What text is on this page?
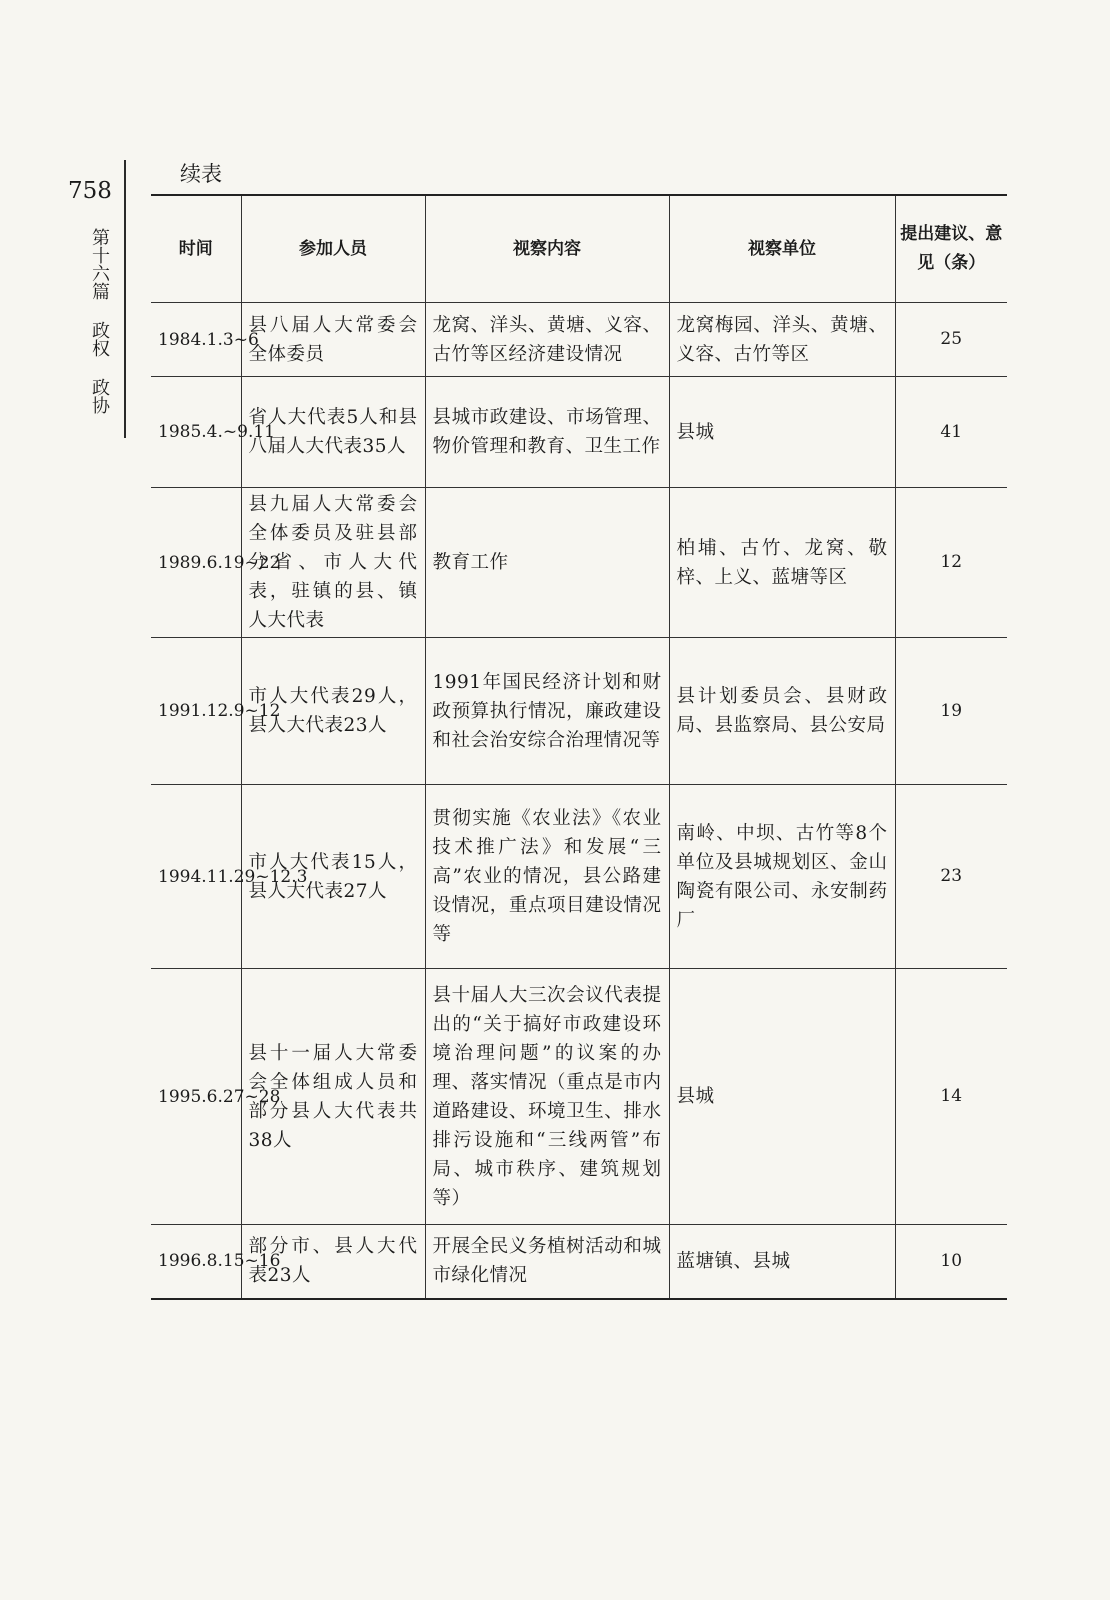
758
第十六篇 政权 政协
续表
时间	参加人员	视察内容	视察单位	提出建议、意见（条）
1984.1.3~6	县八届人大常委会全体委员	龙窝、洋头、黄塘、义容、古竹等区经济建设情况	龙窝梅园、洋头、黄塘、义容、古竹等区	25
1985.4.~9.11	省人大代表5人和县八届人大代表35人	县城市政建设、市场管理、物价管理和教育、卫生工作	县城	41
1989.6.19~22	县九届人大常委会全体委员及驻县部分省、市人大代表，驻镇的县、镇人大代表	教育工作	柏埔、古竹、龙窝、敬梓、上义、蓝塘等区	12
1991.12.9~12	市人大代表29人，县人大代表23人	1991年国民经济计划和财政预算执行情况，廉政建设和社会治安综合治理情况等	县计划委员会、县财政局、县监察局、县公安局	19
1994.11.29~12.3	市人大代表15人，县人大代表27人	贯彻实施《农业法》《农业技术推广法》和发展“三高”农业的情况，县公路建设情况，重点项目建设情况等	南岭、中坝、古竹等8个单位及县城规划区、金山陶瓷有限公司、永安制药厂	23
1995.6.27~28	县十一届人大常委会全体组成人员和部分县人大代表共38人	县十届人大三次会议代表提出的“关于搞好市政建设环境治理问题”的议案的办理、落实情况（重点是市内道路建设、环境卫生、排水排污设施和“三线两管”布局、城市秩序、建筑规划等）	县城	14
1996.8.15~16	部分市、县人大代表23人	开展全民义务植树活动和城市绿化情况	蓝塘镇、县城	10
